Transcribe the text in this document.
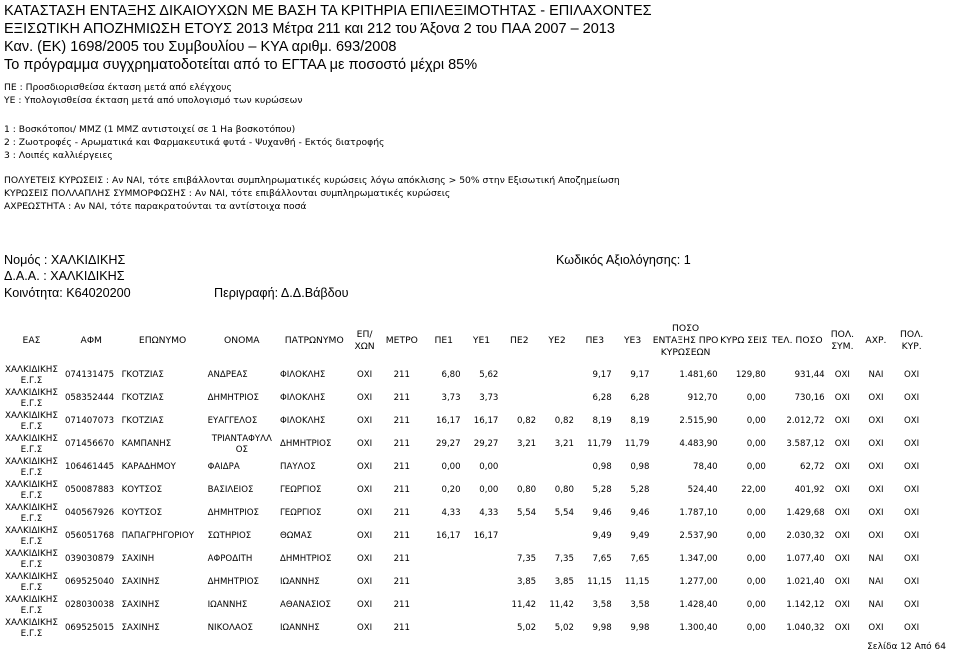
ΚΑΤΑΣΤΑΣΗ ΕΝΤΑΞΗΣ ΔΙΚΑΙΟΥΧΩΝ ΜΕ ΒΑΣΗ ΤΑ ΚΡΙΤΗΡΙΑ ΕΠΙΛΕΞΙΜΟΤΗΤΑΣ - ΕΠΙΛΑΧΟΝΤΕΣ
ΕΞΙΣΩΤΙΚΗ ΑΠΟΖΗΜΙΩΣΗ ΕΤΟΥΣ 2013 Μέτρα 211 και 212 του Άξονα 2 του ΠΑΑ 2007 – 2013
Καν. (ΕΚ) 1698/2005 του Συμβουλίου – ΚΥΑ αριθμ. 693/2008
Το πρόγραμμα συγχρηματοδοτείται από το ΕΓΤΑΑ με ποσοστό μέχρι 85%
ΠΕ : Προσδιορισθείσα έκταση μετά από ελέγχους
ΥΕ : Υπολογισθείσα έκταση μετά από υπολογισμό των κυρώσεων
1 : Βοσκότοποι/ ΜΜΖ (1 ΜΜΖ αντιστοιχεί σε 1 Ha βοσκοτόπου)
2 : Ζωοτροφές - Αρωματικά και Φαρμακευτικά φυτά - Ψυχανθή - Εκτός διατροφής
3 : Λοιπές καλλιέργειες
ΠΟΛΥΕΤΕΙΣ ΚΥΡΩΣΕΙΣ : Αν ΝΑΙ, τότε επιβάλλονται συμπληρωματικές κυρώσεις λόγω απόκλισης > 50% στην Εξισωτική Αποζημείωση
ΚΥΡΩΣΕΙΣ ΠΟΛΛΑΠΛΗΣ ΣΥΜΜΟΡΦΩΣΗΣ : Αν ΝΑΙ, τότε επιβάλλονται συμπληρωματικές κυρώσεις
ΑΧΡΕΩΣΤΗΤΑ : Αν ΝΑΙ, τότε παρακρατούνται τα αντίστοιχα ποσά
Νομός : ΧΑΛΚΙΔΙΚΗΣ	Κωδικός Αξιολόγησης: 1
Δ.Α.Α. : ΧΑΛΚΙΔΙΚΗΣ
Κοινότητα: Κ64020200	Περιγραφή: Δ.Δ.Βάβδου
ΕΑΣ	ΑΦΜ	ΕΠΩΝΥΜΟ	ΟΝΟΜΑ	ΠΑΤΡΩΝΥΜΟ	ΕΠ/ ΧΩΝ	ΜΕΤΡΟ	ΠΕ1	ΥΕ1	ΠΕ2	ΥΕ2	ΠΕ3	ΥΕ3	ΠΟΣΟ ΕΝΤΑΞΗΣ ΠΡΟ ΚΥΡΩΣΕΩΝ	ΚΥΡΩ ΣΕΙΣ	ΤΕΛ. ΠΟΣΟ	ΠΟΛ. ΣΥΜ.	ΑΧΡ.	ΠΟΛ. ΚΥΡ.	
ΧΑΛΚΙΔΙΚΗΣ Ε.Γ.Σ	074131475	ΓΚΟΤΖΙΑΣ	ΑΝΔΡΕΑΣ	ΦΙΛΟΚΛΗΣ	ΟΧΙ	211	6,80	5,62			9,17	9,17	1.481,60	129,80	931,44	ΟΧΙ	ΝΑΙ	ΟΧΙ	
ΧΑΛΚΙΔΙΚΗΣ Ε.Γ.Σ	058352444	ΓΚΟΤΖΙΑΣ	ΔΗΜΗΤΡΙΟΣ	ΦΙΛΟΚΛΗΣ	ΟΧΙ	211	3,73	3,73			6,28	6,28	912,70	0,00	730,16	ΟΧΙ	ΟΧΙ	ΟΧΙ	
ΧΑΛΚΙΔΙΚΗΣ Ε.Γ.Σ	071407073	ΓΚΟΤΖΙΑΣ	ΕΥΑΓΓΕΛΟΣ	ΦΙΛΟΚΛΗΣ	ΟΧΙ	211	16,17	16,17	0,82	0,82	8,19	8,19	2.515,90	0,00	2.012,72	ΟΧΙ	ΟΧΙ	ΟΧΙ	
ΧΑΛΚΙΔΙΚΗΣ Ε.Γ.Σ	071456670	ΚΑΜΠΑΝΗΣ	ΤΡΙΑΝΤΑΦΥΛΛ ΟΣ	ΔΗΜΗΤΡΙΟΣ	ΟΧΙ	211	29,27	29,27	3,21	3,21	11,79	11,79	4.483,90	0,00	3.587,12	ΟΧΙ	ΟΧΙ	ΟΧΙ	
ΧΑΛΚΙΔΙΚΗΣ Ε.Γ.Σ	106461445	ΚΑΡΑΔΗΜΟΥ	ΦΑΙΔΡΑ	ΠΑΥΛΟΣ	ΟΧΙ	211	0,00	0,00			0,98	0,98	78,40	0,00	62,72	ΟΧΙ	ΟΧΙ	ΟΧΙ	
ΧΑΛΚΙΔΙΚΗΣ Ε.Γ.Σ	050087883	ΚΟΥΤΣΟΣ	ΒΑΣΙΛΕΙΟΣ	ΓΕΩΡΓΙΟΣ	ΟΧΙ	211	0,20	0,00	0,80	0,80	5,28	5,28	524,40	22,00	401,92	ΟΧΙ	ΟΧΙ	ΟΧΙ	
ΧΑΛΚΙΔΙΚΗΣ Ε.Γ.Σ	040567926	ΚΟΥΤΣΟΣ	ΔΗΜΗΤΡΙΟΣ	ΓΕΩΡΓΙΟΣ	ΟΧΙ	211	4,33	4,33	5,54	5,54	9,46	9,46	1.787,10	0,00	1.429,68	ΟΧΙ	ΟΧΙ	ΟΧΙ	
ΧΑΛΚΙΔΙΚΗΣ Ε.Γ.Σ	056051768	ΠΑΠΑΓΡΗΓΟΡΙΟΥ	ΣΩΤΗΡΙΟΣ	ΘΩΜΑΣ	ΟΧΙ	211	16,17	16,17			9,49	9,49	2.537,90	0,00	2.030,32	ΟΧΙ	ΟΧΙ	ΟΧΙ	
ΧΑΛΚΙΔΙΚΗΣ Ε.Γ.Σ	039030879	ΣΑΧΙΝΗ	ΑΦΡΟΔΙΤΗ	ΔΗΜΗΤΡΙΟΣ	ΟΧΙ	211			7,35	7,35	7,65	7,65	1.347,00	0,00	1.077,40	ΟΧΙ	ΝΑΙ	ΟΧΙ	
ΧΑΛΚΙΔΙΚΗΣ Ε.Γ.Σ	069525040	ΣΑΧΙΝΗΣ	ΔΗΜΗΤΡΙΟΣ	ΙΩΑΝΝΗΣ	ΟΧΙ	211			3,85	3,85	11,15	11,15	1.277,00	0,00	1.021,40	ΟΧΙ	ΝΑΙ	ΟΧΙ	
ΧΑΛΚΙΔΙΚΗΣ Ε.Γ.Σ	028030038	ΣΑΧΙΝΗΣ	ΙΩΑΝΝΗΣ	ΑΘΑΝΑΣΙΟΣ	ΟΧΙ	211			11,42	11,42	3,58	3,58	1.428,40	0,00	1.142,12	ΟΧΙ	ΝΑΙ	ΟΧΙ	
ΧΑΛΚΙΔΙΚΗΣ Ε.Γ.Σ	069525015	ΣΑΧΙΝΗΣ	ΝΙΚΟΛΑΟΣ	ΙΩΑΝΝΗΣ	ΟΧΙ	211			5,02	5,02	9,98	9,98	1.300,40	0,00	1.040,32	ΟΧΙ	ΟΧΙ	ΟΧΙ	
Σελίδα 12 Από 64
